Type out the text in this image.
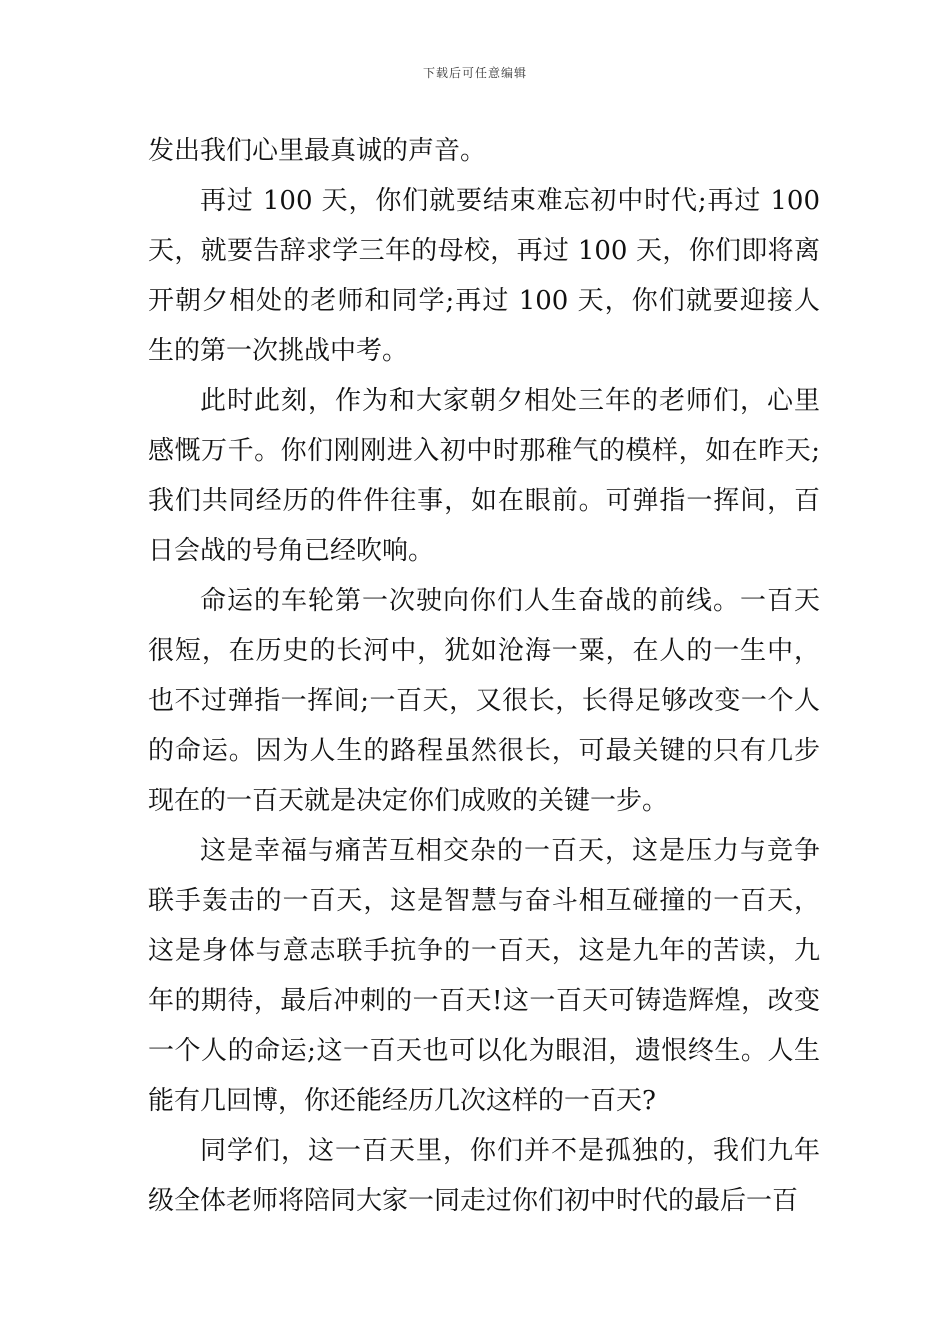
下载后可任意编辑

发出我们心里最真诚的声音。

再过 100 天，你们就要结束难忘初中时代;再过 100 天，就要告辞求学三年的母校，再过 100 天，你们即将离开朝夕相处的老师和同学;再过 100 天，你们就要迎接人生的第一次挑战中考。

此时此刻，作为和大家朝夕相处三年的老师们，心里感慨万千。你们刚刚进入初中时那稚气的模样，如在昨天;我们共同经历的件件往事，如在眼前。可弹指一挥间，百日会战的号角已经吹响。

命运的车轮第一次驶向你们人生奋战的前线。一百天很短，在历史的长河中，犹如沧海一粟，在人的一生中，也不过弹指一挥间;一百天，又很长，长得足够改变一个人的命运。因为人生的路程虽然很长，可最关键的只有几步现在的一百天就是决定你们成败的关键一步。

这是幸福与痛苦互相交杂的一百天，这是压力与竞争联手轰击的一百天，这是智慧与奋斗相互碰撞的一百天，这是身体与意志联手抗争的一百天，这是九年的苦读，九年的期待，最后冲刺的一百天!这一百天可铸造辉煌，改变一个人的命运;这一百天也可以化为眼泪，遗恨终生。人生能有几回博，你还能经历几次这样的一百天?

同学们，这一百天里，你们并不是孤独的，我们九年级全体老师将陪同大家一同走过你们初中时代的最后一百
